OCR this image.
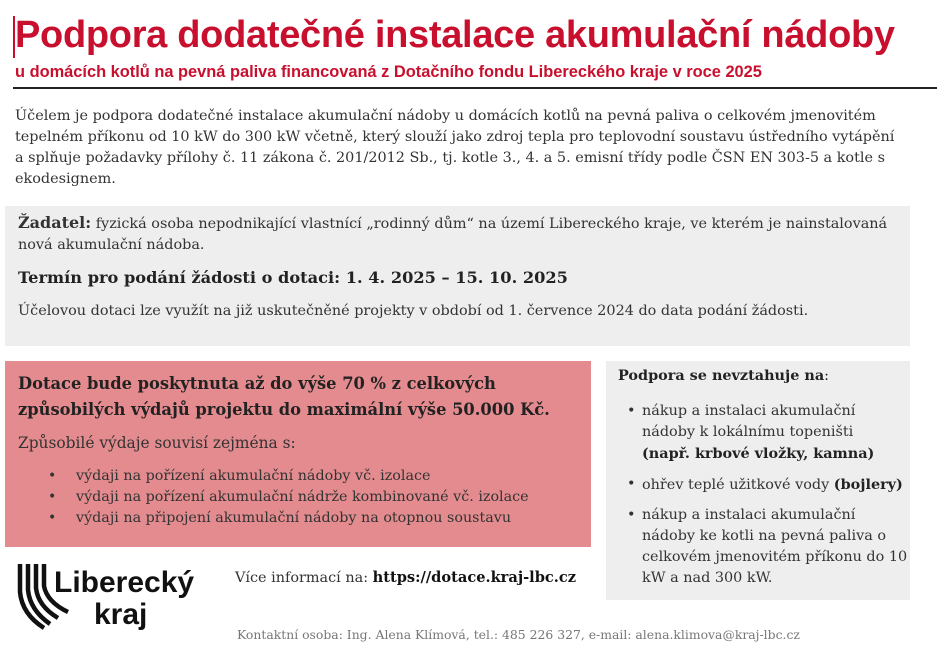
Podpora dodatečné instalace akumulační nádoby
u domácích kotlů na pevná paliva financovaná z Dotačního fondu Libereckého kraje v roce 2025

Účelem je podpora dodatečné instalace akumulační nádoby u domácích kotlů na pevná paliva o celkovém jmenovitém tepelném příkonu od 10 kW do 300 kW včetně, který slouží jako zdroj tepla pro teplovodní soustavu ústředního vytápění a splňuje požadavky přílohy č. 11 zákona č. 201/2012 Sb., tj. kotle 3., 4. a 5. emisní třídy podle ČSN EN 303-5 a kotle s ekodesignem.

Žadatel: fyzická osoba nepodnikající vlastnící „rodinný dům“ na území Libereckého kraje, ve kterém je nainstalovaná nová akumulační nádoba.

Termín pro podání žádosti o dotaci: 1. 4. 2025 – 15. 10. 2025

Účelovou dotaci lze využít na již uskutečněné projekty v období od 1. července 2024 do data podání žádosti.

Dotace bude poskytnuta až do výše 70 % z celkových způsobilých výdajů projektu do maximální výše 50.000 Kč.

Způsobilé výdaje souvisí zejména s:

• výdaji na pořízení akumulační nádoby vč. izolace
• výdaji na pořízení akumulační nádrže kombinované vč. izolace
• výdaji na připojení akumulační nádoby na otopnou soustavu

Podpora se nevztahuje na:

• nákup a instalaci akumulační nádoby k lokálnímu topeništi
(např. krbové vložky, kamna)
• ohřev teplé užitkové vody (bojlery)
• nákup a instalaci akumulační nádoby ke kotli na pevná paliva o celkovém jmenovitém příkonu do 10 kW a nad 300 kW.
Liberecký
kraj

Více informací na: https://dotace.kraj-lbc.cz

Kontaktní osoba: Ing. Alena Klímová, tel.: 485 226 327, e-mail: alena.klimova@kraj-lbc.cz
